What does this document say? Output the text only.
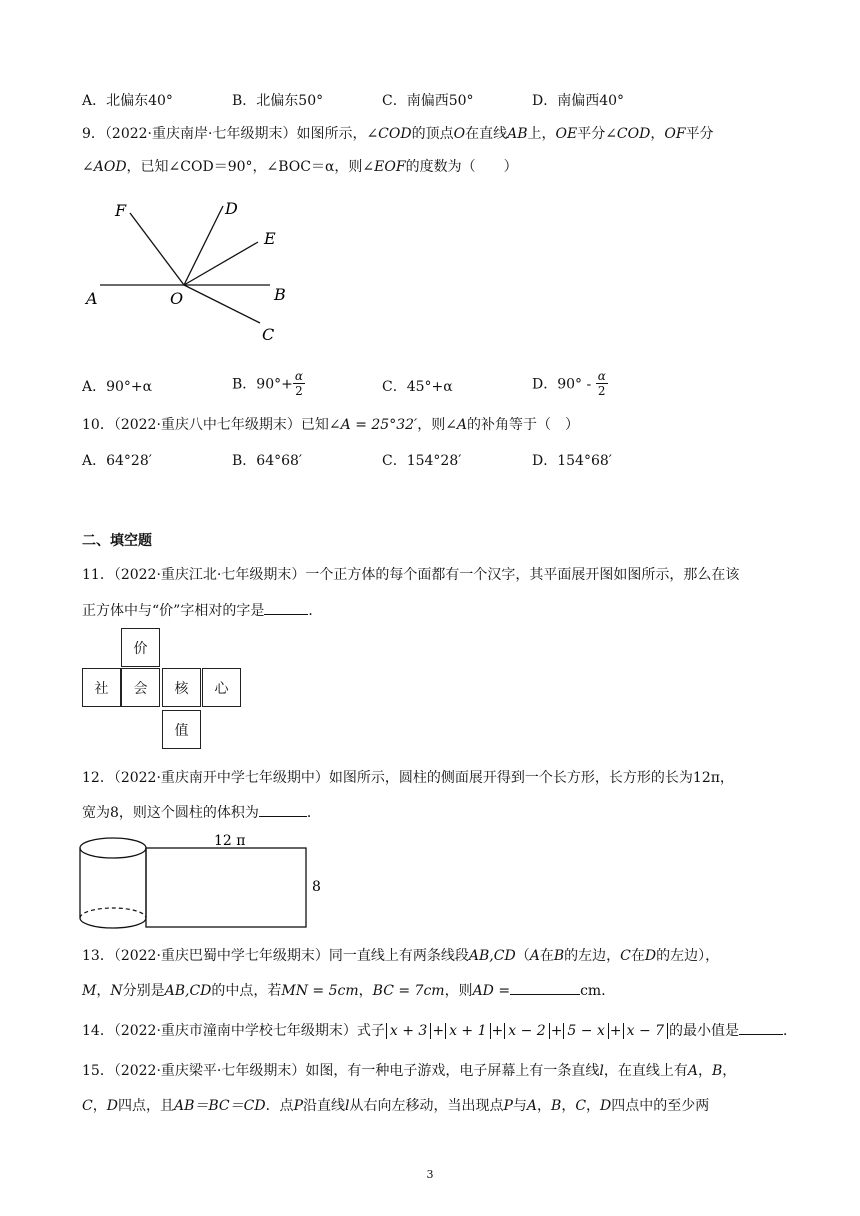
A．北偏东40°	B．北偏东50°	C．南偏西50°	D．南偏西40°
9．（2022·重庆南岸·七年级期末）如图所示，∠COD的顶点O在直线AB上，OE平分∠COD，OF平分
∠AOD，已知∠COD＝90°，∠BOC＝α，则∠EOF的度数为（　　）
F	D
E
A	O	B
C
A．90°+α	B．$90^\circ+ \frac{\alpha}{2}$	C．45°+α	D．$90^\circ - \frac{\alpha}{2}$
10．（2022·重庆八中七年级期末）已知∠A = 25°32′，则∠A的补角等于（　）
A．64°28′	B．64°68′	C．154°28′	D．154°68′
二、填空题
11．（2022·重庆江北·七年级期末）一个正方体的每个面都有一个汉字，其平面展开图如图所示，那么在该
正方体中与“价”字相对的字是	．
价
社	会	核	心
值
12．（2022·重庆南开中学七年级期中）如图所示，圆柱的侧面展开得到一个长方形，长方形的长为12π，
宽为8，则这个圆柱的体积为	．
12 π
8
13．（2022·重庆巴蜀中学七年级期末）同一直线上有两条线段AB,CD（A在B的左边，C在D的左边），
M，N分别是AB,CD的中点，若MN = 5cm，BC = 7cm，则AD =	cm．
14．（2022·重庆市潼南中学校七年级期末）式子 x + 3 + x + 1 + x − 2 + 5 − x + x − 7 的最小值是	．
15．（2022·重庆梁平·七年级期末）如图，有一种电子游戏，电子屏幕上有一条直线l，在直线上有A，B，
C，D四点，且AB＝BC＝CD．点P沿直线l从右向左移动，当出现点P与A，B，C，D四点中的至少两
3
